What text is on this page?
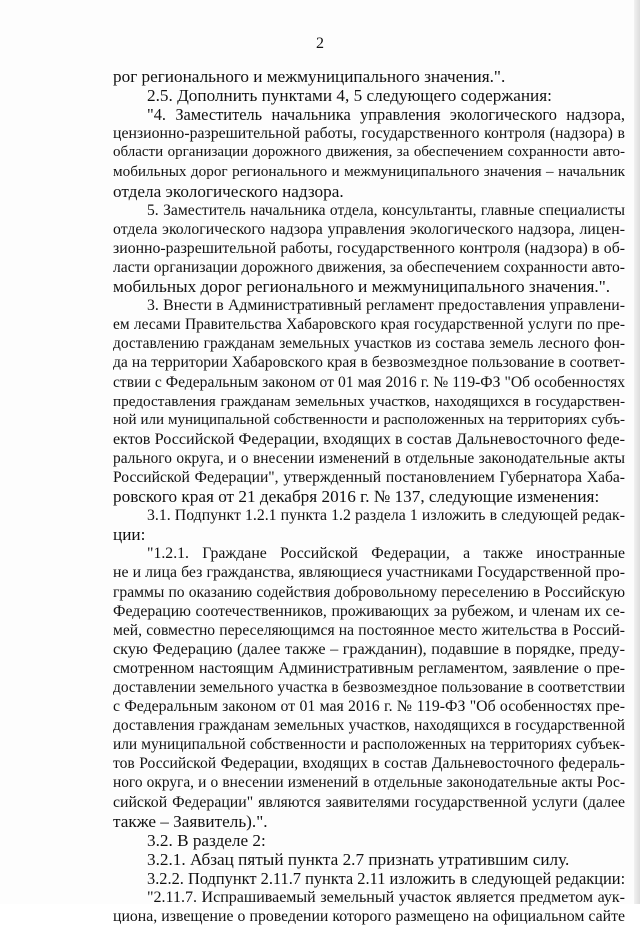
2
рог регионального и межмуниципального значения.".
2.5. Дополнить пунктами 4, 5 следующего содержания:
"4. Заместитель начальника управления экологического надзора,
цензионно-разрешительной работы, государственного контроля (надзора) в
области организации дорожного движения, за обеспечением сохранности авто-
мобильных дорог регионального и межмуниципального значения – начальник
отдела экологического надзора.
5. Заместитель начальника отдела, консультанты, главные специалисты
отдела экологического надзора управления экологического надзора, лицен-
зионно-разрешительной работы, государственного контроля (надзора) в об-
ласти организации дорожного движения, за обеспечением сохранности авто-
мобильных дорог регионального и межмуниципального значения.".
3. Внести в Административный регламент предоставления управлени-
ем лесами Правительства Хабаровского края государственной услуги по пре-
доставлению гражданам земельных участков из состава земель лесного фон-
да на территории Хабаровского края в безвозмездное пользование в соответ-
ствии с Федеральным законом от 01 мая 2016 г. № 119-ФЗ "Об особенностях
предоставления гражданам земельных участков, находящихся в государствен-
ной или муниципальной собственности и расположенных на территориях субъ-
ектов Российской Федерации, входящих в состав Дальневосточного феде-
рального округа, и о внесении изменений в отдельные законодательные акты
Российской Федерации", утвержденный постановлением Губернатора Хаба-
ровского края от 21 декабря 2016 г. № 137, следующие изменения:
3.1. Подпункт 1.2.1 пункта 1.2 раздела 1 изложить в следующей редак-
ции:
"1.2.1. Граждане Российской Федерации, а также иностранные
не и лица без гражданства, являющиеся участниками Государственной про-
граммы по оказанию содействия добровольному переселению в Российскую
Федерацию соотечественников, проживающих за рубежом, и членам их се-
мей, совместно переселяющимся на постоянное место жительства в Россий-
скую Федерацию (далее также – гражданин), подавшие в порядке, преду-
смотренном настоящим Административным регламентом, заявление о пре-
доставлении земельного участка в безвозмездное пользование в соответствии
с Федеральным законом от 01 мая 2016 г. № 119-ФЗ "Об особенностях пре-
доставления гражданам земельных участков, находящихся в государственной
или муниципальной собственности и расположенных на территориях субъек-
тов Российской Федерации, входящих в состав Дальневосточного федераль-
ного округа, и о внесении изменений в отдельные законодательные акты Рос-
сийской Федерации" являются заявителями государственной услуги (далее
также – Заявитель).".
3.2. В разделе 2:
3.2.1. Абзац пятый пункта 2.7 признать утратившим силу.
3.2.2. Подпункт 2.11.7 пункта 2.11 изложить в следующей редакции:
"2.11.7. Испрашиваемый земельный участок является предметом аук-
циона, извещение о проведении которого размещено на официальном сайте
